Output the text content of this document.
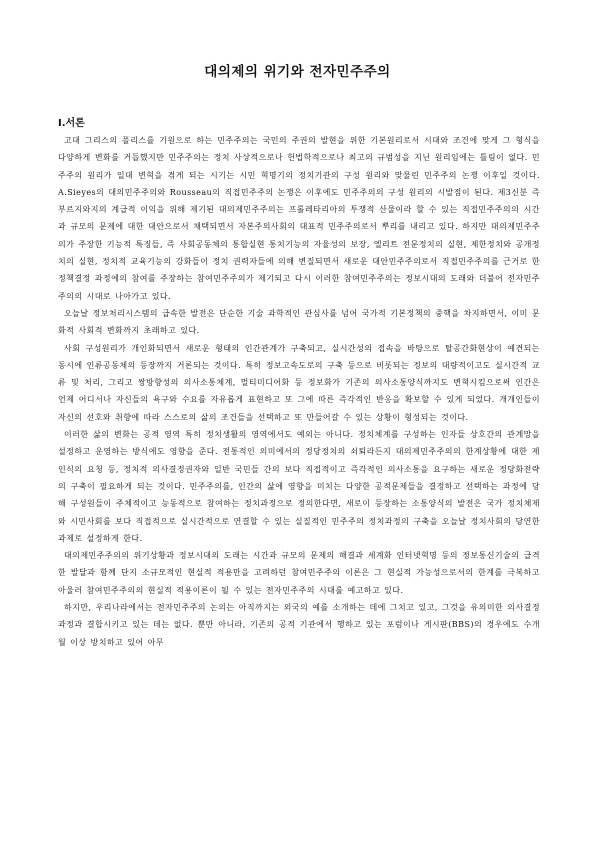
대의제의 위기와 전자민주주의
I.서론

고대 그리스의 폴리스를 기원으로 하는 민주주의는 국민의 주권의 발현을 위한 기본원리로서 시대와 조건에 맞게 그 형식을 다양하게 변화를 거듭했지만 민주주의는 정치 사상적으로나 헌법학적으로나 최고의 규범성을 지닌 원리임에는 틀림이 없다. 민주주의 원리가 일대 변혁을 겪게 되는 시기는 시민 혁명기의 정치기관의 구성 원리와 맞물린 민주주의 논쟁 이후일 것이다. A.Sieyes의 대의민주주의와 Rousseau의 직접민주주의 논쟁은 이후에도 민주주의의 구성 원리의 시발점이 된다. 제3신분 즉 부르지와지의 계급적 이익을 위해 제기된 대의제민주주의는 프롤레타리아의 투쟁적 산물이라 할 수 있는 직접민주주의의 시간과 규모의 문제에 대한 대안으로서 채택되면서 자본주의사회의 대표적 민주주의로서 뿌리를 내리고 있다. 하지만 대의제민주주의가 주장한 기능적 특징들, 즉 사회공동체의 통합실현 통치기능의 자율성의 보장, 엘리트 전문정치의 실현, 제한정치와 공개정치의 실현, 정치적 교육기능의 강화들이 정치 권력자들에 의해 변질되면서 새로운 대안민주주의로서 직접민주주의를 근거로 한 정책결정 과정에의 참여를 주장하는 참여민주주의가 제기되고 다시 이러한 참여민주주의는 정보시대의 도래와 더불어 전자민주주의의 시대로 나아가고 있다.

오늘날 정보처리시스템의 급속한 발전은 단순한 기술 과학적인 관심사를 넘어 국가적 기본정책의 중핵을 차지하면서, 이미 문화적 사회적 변화까지 초래하고 있다.

사회 구성원리가 개인화되면서 새로운 형태의 인간관계가 구축되고, 실시간성의 접속을 바탕으로 탈공간화현상이 예견되는 동시에 인류공동체의 등장까지 거론되는 것이다. 특히 정보고속도로의 구축 등으로 비롯되는 정보의 대량적이고도 실시간적 교류 및 처리, 그리고 쌍방향성의 의사소통체계, 멀티미디어화 등 정보화가 기존의 의사소통양식까지도 변혁시킴으로써 인간은 언제 어디서나 자신들의 욕구와 수요를 자유롭게 표현하고 또 그에 따른 즉각적인 반응을 확보할 수 있게 되었다. 개개인들이 자신의 선호와 취향에 따라 스스로의 삶의 조건들을 선택하고 또 만들어갈 수 있는 상황이 형성되는 것이다.

이러한 삶의 변화는 공적 영역 특히 정치생활의 영역에서도 예외는 아니다. 정치체계를 구성하는 인자들 상호간의 관계망을 설정하고 운영하는 방식에도 영향을 준다. 전통적인 의미에서의 정당정치의 쇠퇴라든지 대의제민주주의의 한계상황에 대한 제인식의 요청 등, 정치적 의사결정권자와 일반 국민들 간의 보다 직접적이고 즉각적인 의사소통을 요구하는 새로운 정당화전략의 구축이 필요하게 되는 것이다. 민주주의를, 인간의 삶에 영향을 미치는 다양한 공적문제들을 결정하고 선택하는 과정에 당해 구성원들이 주체적이고 능동적으로 참여하는 정치과정으로 정의한다면, 새로이 등장하는 소통양식의 발전은 국가 정치체제와 시민사회를 보다 직접적으로 실시간적으로 연결할 수 있는 실질적인 민주주의 정치과정의 구축을 오늘날 정치사회의 당연한 과제로 설정하게 한다.

대의제민주주의의 위기상황과 정보시대의 도래는 시간과 규모의 문제의 해결과 세계화 인터넷혁명 등의 정보통신기술의 급격한 발달과 함께 단지 소규모적인 현실적 적용만을 고려하던 참여민주주의 이론은 그 현실적 가능성으로서의 한계를 극복하고 아울러 참여민주주의의 현실적 적용이론이 될 수 있는 전자민주주의 시대를 예고하고 있다.

하지만, 우리나라에서는 전자민주주의 논의는 아직까지는 외국의 예를 소개하는 데에 그치고 있고, 그것을 유의미한 의사결정과정과 결합시키고 있는 데는 없다. 뿐만 아니라, 기존의 공적 기관에서 행하고 있는 포럼이나 게시판(BBS)의 경우에도 수개월 이상 방치하고 있어 아무
